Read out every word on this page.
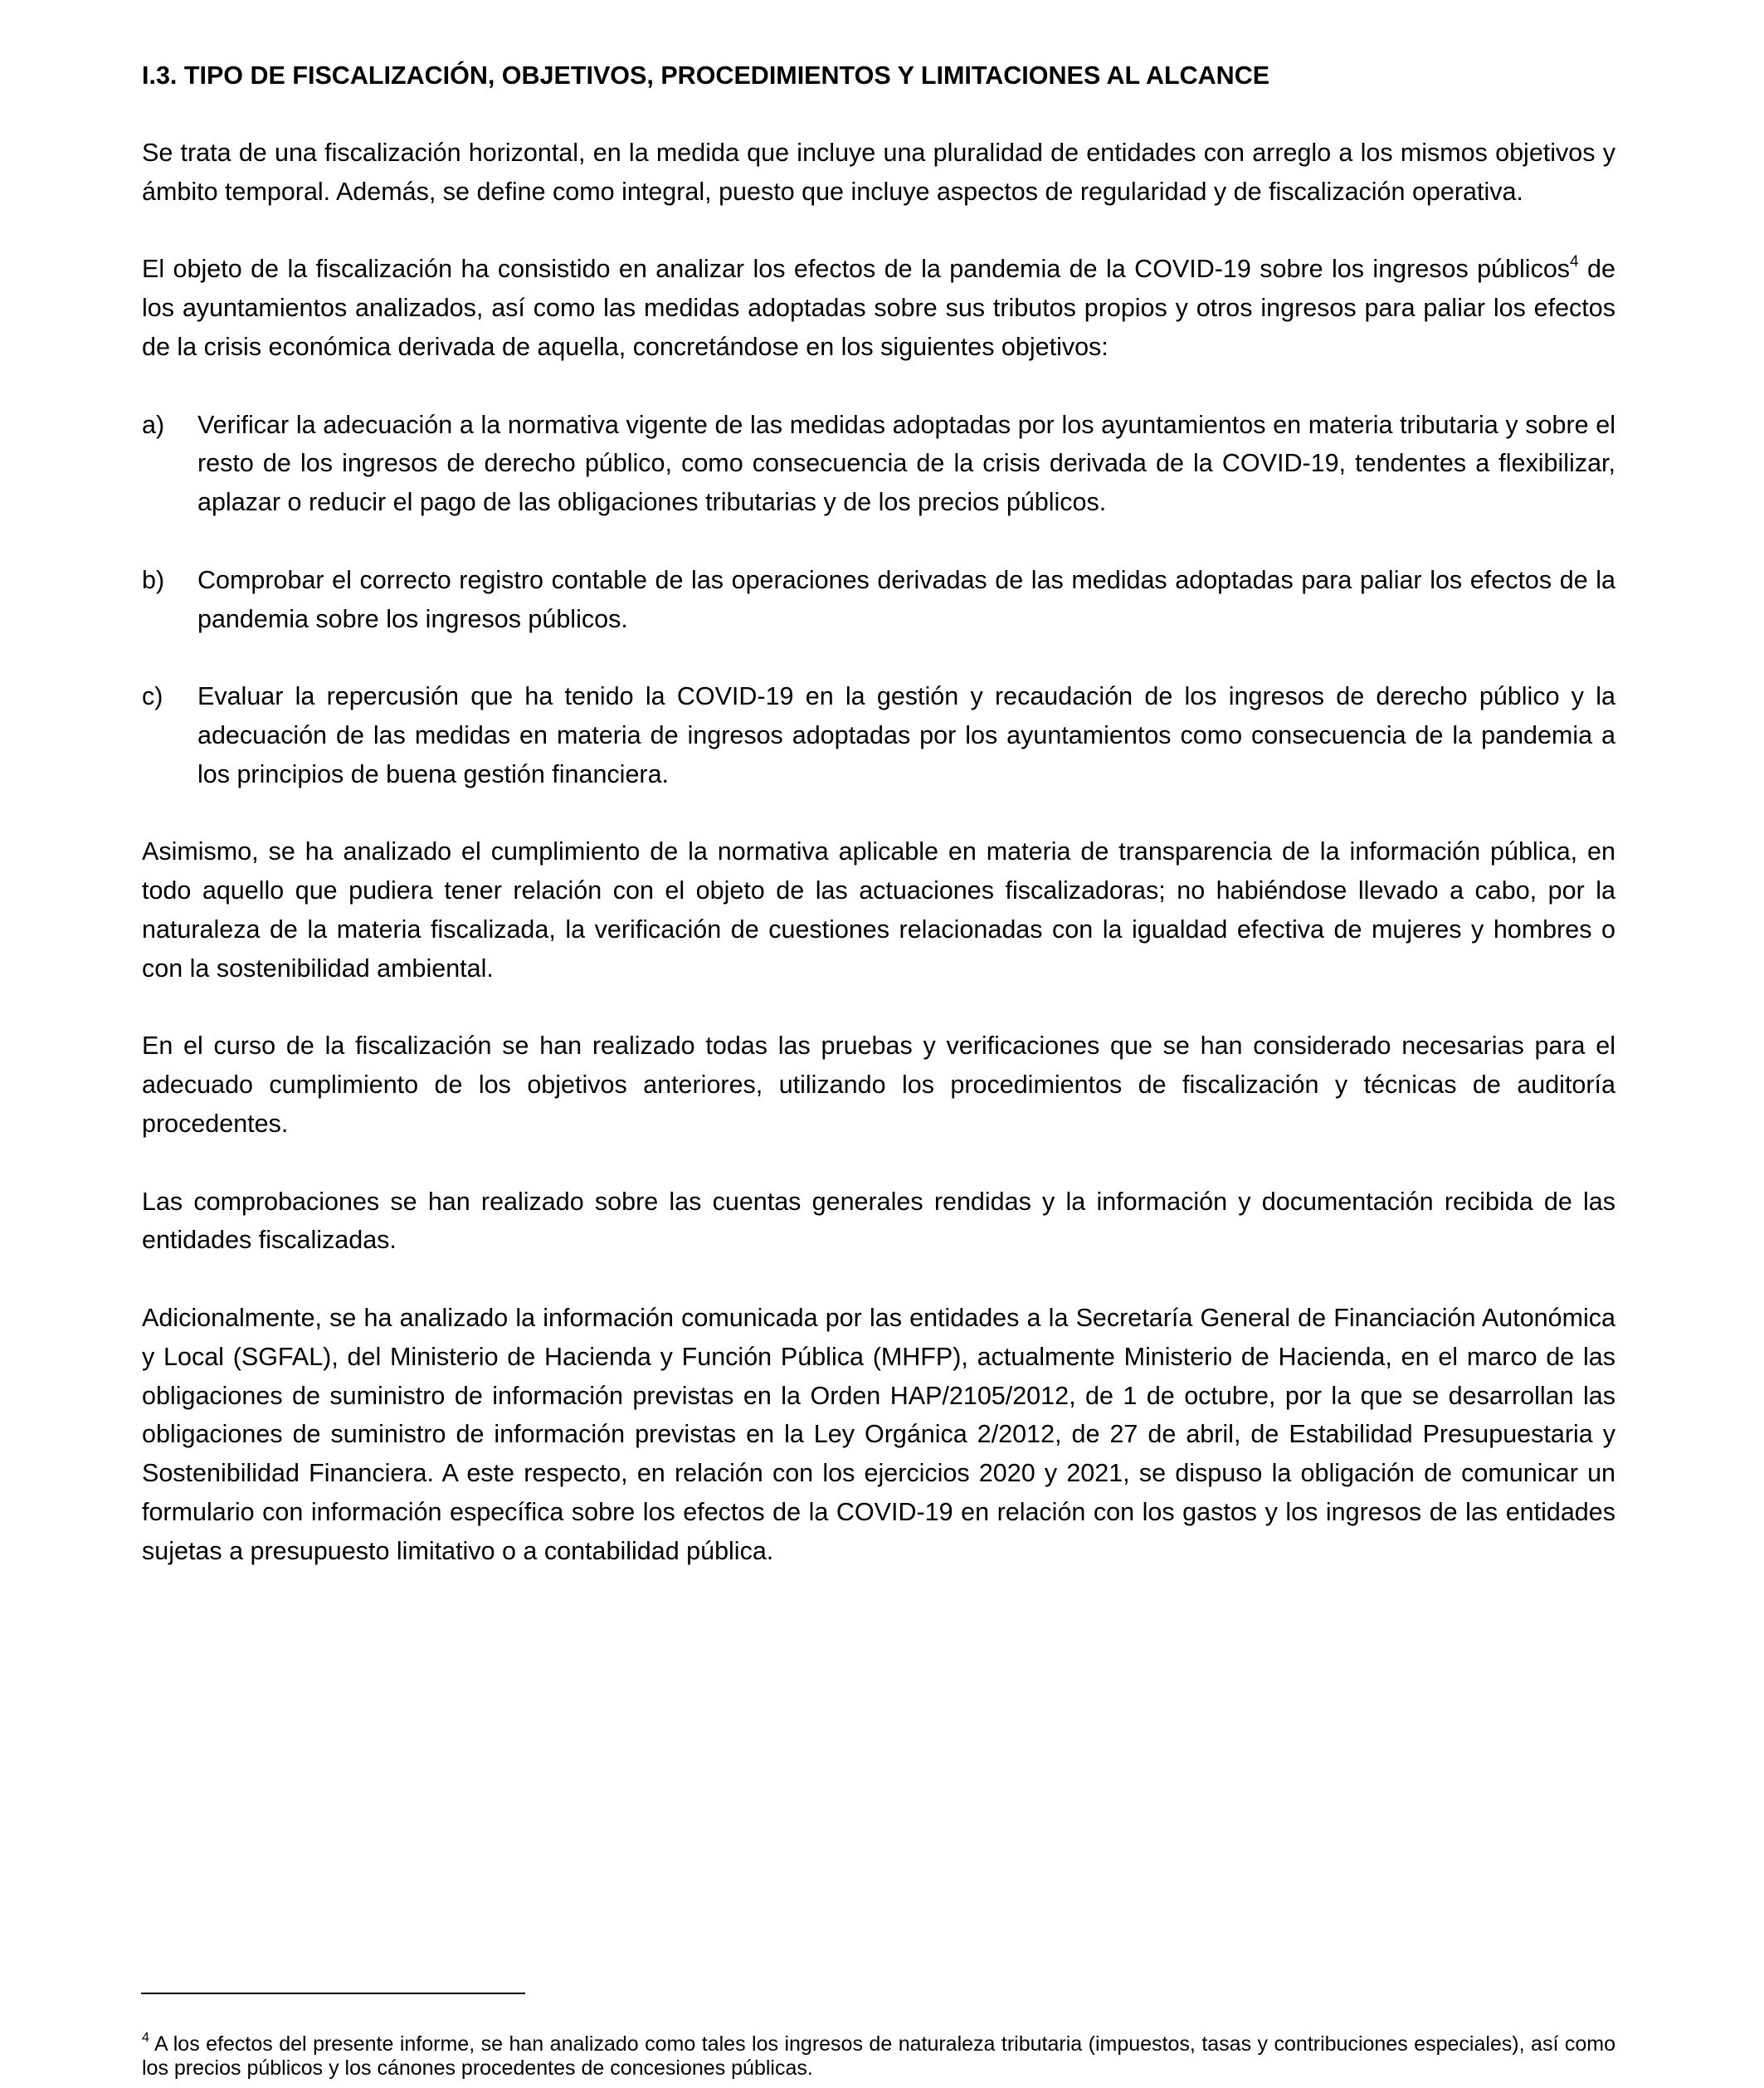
I.3. TIPO DE FISCALIZACIÓN, OBJETIVOS, PROCEDIMIENTOS Y LIMITACIONES AL ALCANCE

Se trata de una fiscalización horizontal, en la medida que incluye una pluralidad de entidades con arreglo a los mismos objetivos y ámbito temporal. Además, se define como integral, puesto que incluye aspectos de regularidad y de fiscalización operativa.

El objeto de la fiscalización ha consistido en analizar los efectos de la pandemia de la COVID-19 sobre los ingresos públicos$^4$ de los ayuntamientos analizados, así como las medidas adoptadas sobre sus tributos propios y otros ingresos para paliar los efectos de la crisis económica derivada de aquella, concretándose en los siguientes objetivos:

a) Verificar la adecuación a la normativa vigente de las medidas adoptadas por los ayuntamientos en materia tributaria y sobre el resto de los ingresos de derecho público, como consecuencia de la crisis derivada de la COVID-19, tendentes a flexibilizar, aplazar o reducir el pago de las obligaciones tributarias y de los precios públicos.
b) Comprobar el correcto registro contable de las operaciones derivadas de las medidas adoptadas para paliar los efectos de la pandemia sobre los ingresos públicos.
c) Evaluar la repercusión que ha tenido la COVID-19 en la gestión y recaudación de los ingresos de derecho público y la adecuación de las medidas en materia de ingresos adoptadas por los ayuntamientos como consecuencia de la pandemia a los principios de buena gestión financiera.

Asimismo, se ha analizado el cumplimiento de la normativa aplicable en materia de transparencia de la información pública, en todo aquello que pudiera tener relación con el objeto de las actuaciones fiscalizadoras; no habiéndose llevado a cabo, por la naturaleza de la materia fiscalizada, la verificación de cuestiones relacionadas con la igualdad efectiva de mujeres y hombres o con la sostenibilidad ambiental.

En el curso de la fiscalización se han realizado todas las pruebas y verificaciones que se han considerado necesarias para el adecuado cumplimiento de los objetivos anteriores, utilizando los procedimientos de fiscalización y técnicas de auditoría procedentes.

Las comprobaciones se han realizado sobre las cuentas generales rendidas y la información y documentación recibida de las entidades fiscalizadas.

Adicionalmente, se ha analizado la información comunicada por las entidades a la Secretaría General de Financiación Autonómica y Local (SGFAL), del Ministerio de Hacienda y Función Pública (MHFP), actualmente Ministerio de Hacienda, en el marco de las obligaciones de suministro de información previstas en la Orden HAP/2105/2012, de 1 de octubre, por la que se desarrollan las obligaciones de suministro de información previstas en la Ley Orgánica 2/2012, de 27 de abril, de Estabilidad Presupuestaria y Sostenibilidad Financiera. A este respecto, en relación con los ejercicios 2020 y 2021, se dispuso la obligación de comunicar un formulario con información específica sobre los efectos de la COVID-19 en relación con los gastos y los ingresos de las entidades sujetas a presupuesto limitativo o a contabilidad pública.

$^4$ A los efectos del presente informe, se han analizado como tales los ingresos de naturaleza tributaria (impuestos, tasas y contribuciones especiales), así como los precios públicos y los cánones procedentes de concesiones públicas.
